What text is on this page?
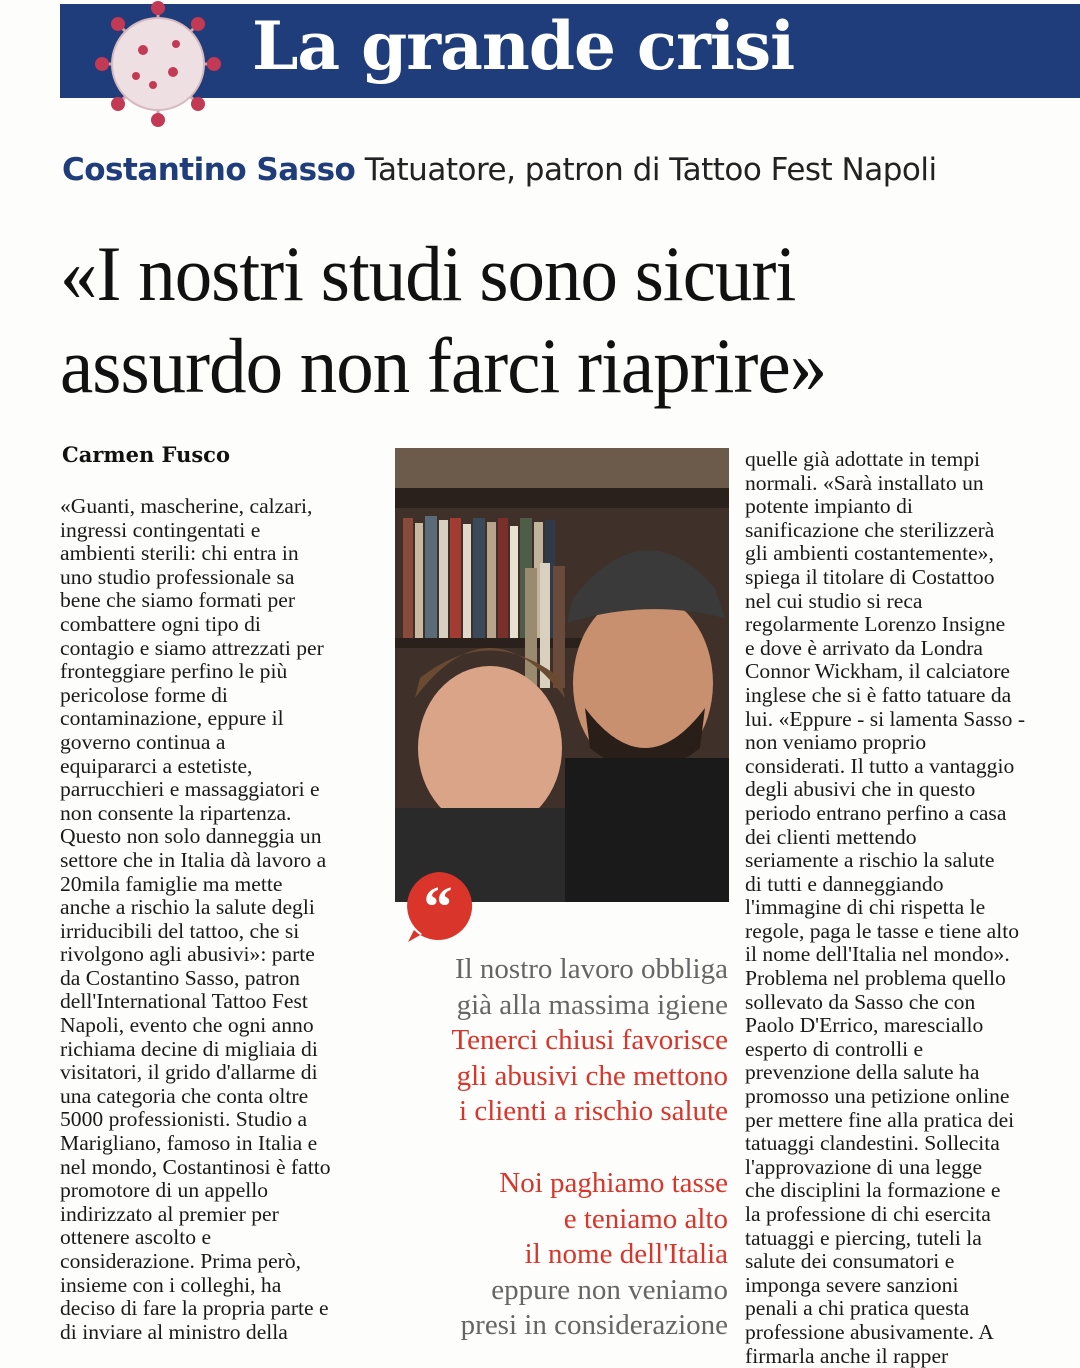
La grande crisi
Costantino Sasso Tatuatore, patron di Tattoo Fest Napoli
«I nostri studi sono sicuri
assurdo non farci riaprire»
Carmen Fusco
«Guanti, mascherine, calzari,
ingressi contingentati e
ambienti sterili: chi entra in
uno studio professionale sa
bene che siamo formati per
combattere ogni tipo di
contagio e siamo attrezzati per
fronteggiare perfino le più
pericolose forme di
contaminazione, eppure il
governo continua a
equipararci a estetiste,
parrucchieri e massaggiatori e
non consente la ripartenza.
Questo non solo danneggia un
settore che in Italia dà lavoro a
20mila famiglie ma mette
anche a rischio la salute degli
irriducibili del tattoo, che si
rivolgono agli abusivi»: parte
da Costantino Sasso, patron
dell'International Tattoo Fest
Napoli, evento che ogni anno
richiama decine di migliaia di
visitatori, il grido d'allarme di
una categoria che conta oltre
5000 professionisti. Studio a
Marigliano, famoso in Italia e
nel mondo, Costantinosi è fatto
promotore di un appello
indirizzato al premier per
ottenere ascolto e
considerazione. Prima però,
insieme con i colleghi, ha
deciso di fare la propria parte e
di inviare al ministro della
“
Il nostro lavoro obbliga
già alla massima igiene
Tenerci chiusi favorisce
gli abusivi che mettono
i clienti a rischio salute
Noi paghiamo tasse
e teniamo alto
il nome dell'Italia
eppure non veniamo
presi in considerazione
quelle già adottate in tempi
normali. «Sarà installato un
potente impianto di
sanificazione che sterilizzerà
gli ambienti costantemente»,
spiega il titolare di Costattoo
nel cui studio si reca
regolarmente Lorenzo Insigne
e dove è arrivato da Londra
Connor Wickham, il calciatore
inglese che si è fatto tatuare da
lui. «Eppure - si lamenta Sasso -
non veniamo proprio
considerati. Il tutto a vantaggio
degli abusivi che in questo
periodo entrano perfino a casa
dei clienti mettendo
seriamente a rischio la salute
di tutti e danneggiando
l'immagine di chi rispetta le
regole, paga le tasse e tiene alto
il nome dell'Italia nel mondo».
Problema nel problema quello
sollevato da Sasso che con
Paolo D'Errico, maresciallo
esperto di controlli e
prevenzione della salute ha
promosso una petizione online
per mettere fine alla pratica dei
tatuaggi clandestini. Sollecita
l'approvazione di una legge
che disciplini la formazione e
la professione di chi esercita
tatuaggi e piercing, tuteli la
salute dei consumatori e
imponga severe sanzioni
penali a chi pratica questa
professione abusivamente. A
firmarla anche il rapper
